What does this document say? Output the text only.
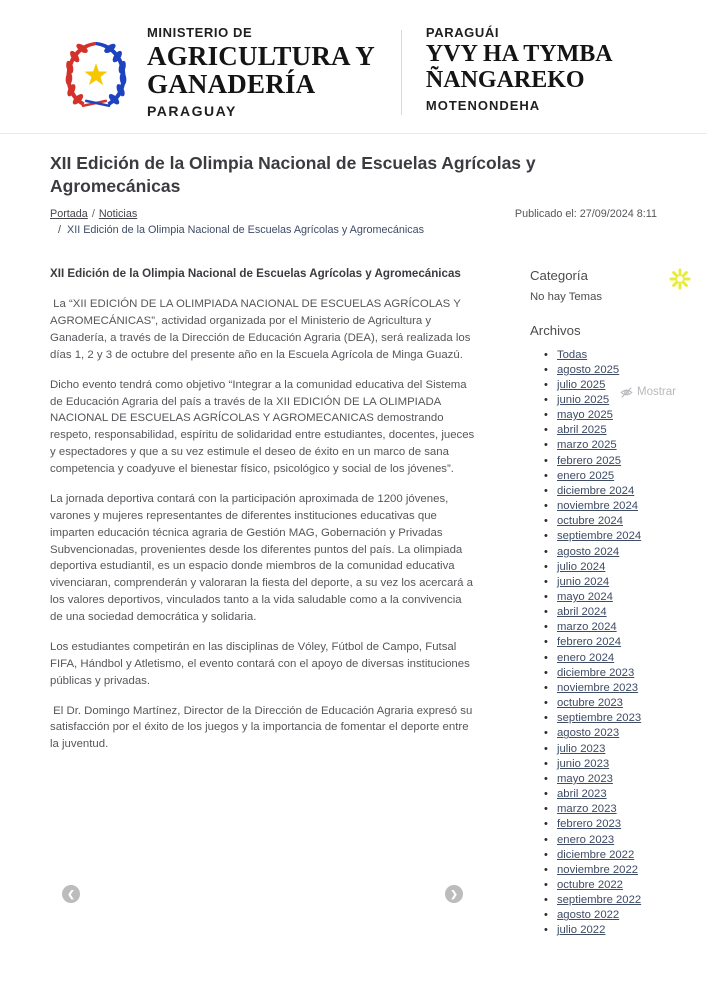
MINISTERIO DE
AGRICULTURA Y
GANADERÍA
PARAGUAY
PARAGUÁI
YVY HA TYMBA
ÑANGAREKO
MOTENONDEHA
XII Edición de la Olimpia Nacional de Escuelas Agrícolas y Agromecánicas
Portada / Noticias	Publicado el: 27/09/2024 8:11
/ XII Edición de la Olimpia Nacional de Escuelas Agrícolas y Agromecánicas
XII Edición de la Olimpia Nacional de Escuelas Agrícolas y Agromecánicas

La “XII EDICIÓN DE LA OLIMPIADA NACIONAL DE ESCUELAS AGRÍCOLAS Y AGROMECÁNICAS”, actividad organizada por el Ministerio de Agricultura y Ganadería, a través de la Dirección de Educación Agraria (DEA), será realizada los días 1, 2 y 3 de octubre del presente año en la Escuela Agrícola de Minga Guazú.

Dicho evento tendrá como objetivo “Integrar a la comunidad educativa del Sistema de Educación Agraria del país a través de la XII EDICIÓN DE LA OLIMPIADA NACIONAL DE ESCUELAS AGRÍCOLAS Y AGROMECANICAS demostrando respeto, responsabilidad, espíritu de solidaridad entre estudiantes, docentes, jueces y espectadores y que a su vez estimule el deseo de éxito en un marco de sana competencia y coadyuve el bienestar físico, psicológico y social de los jóvenes”.

La jornada deportiva contará con la participación aproximada de 1200 jóvenes, varones y mujeres representantes de diferentes instituciones educativas que imparten educación técnica agraria de Gestión MAG, Gobernación y Privadas Subvencionadas, provenientes desde los diferentes puntos del país. La olimpiada deportiva estudiantil, es un espacio donde miembros de la comunidad educativa vivenciaran, comprenderán y valoraran la fiesta del deporte, a su vez los acercará a los valores deportivos, vinculados tanto a la vida saludable como a la convivencia de una sociedad democrática y solidaria.

Los estudiantes competirán en las disciplinas de Vóley, Fútbol de Campo, Futsal FIFA, Hándbol y Atletismo, el evento contará con el apoyo de diversas instituciones públicas y privadas.

El Dr. Domingo Martínez, Director de la Dirección de Educación Agraria expresó su satisfacción por el éxito de los juegos y la importancia de fomentar el deporte entre la juventud.

❮	❯
Categoría
No hay Temas
Archivos
• Todas
• agosto 2025
• julio 2025
• junio 2025
• mayo 2025
• abril 2025
• marzo 2025
• febrero 2025
• enero 2025
• diciembre 2024
• noviembre 2024
• octubre 2024
• septiembre 2024
• agosto 2024
• julio 2024
• junio 2024
• mayo 2024
• abril 2024
• marzo 2024
• febrero 2024
• enero 2024
• diciembre 2023
• noviembre 2023
• octubre 2023
• septiembre 2023
• agosto 2023
• julio 2023
• junio 2023
• mayo 2023
• abril 2023
• marzo 2023
• febrero 2023
• enero 2023
• diciembre 2022
• noviembre 2022
• octubre 2022
• septiembre 2022
• agosto 2022
• julio 2022
Mostrar
